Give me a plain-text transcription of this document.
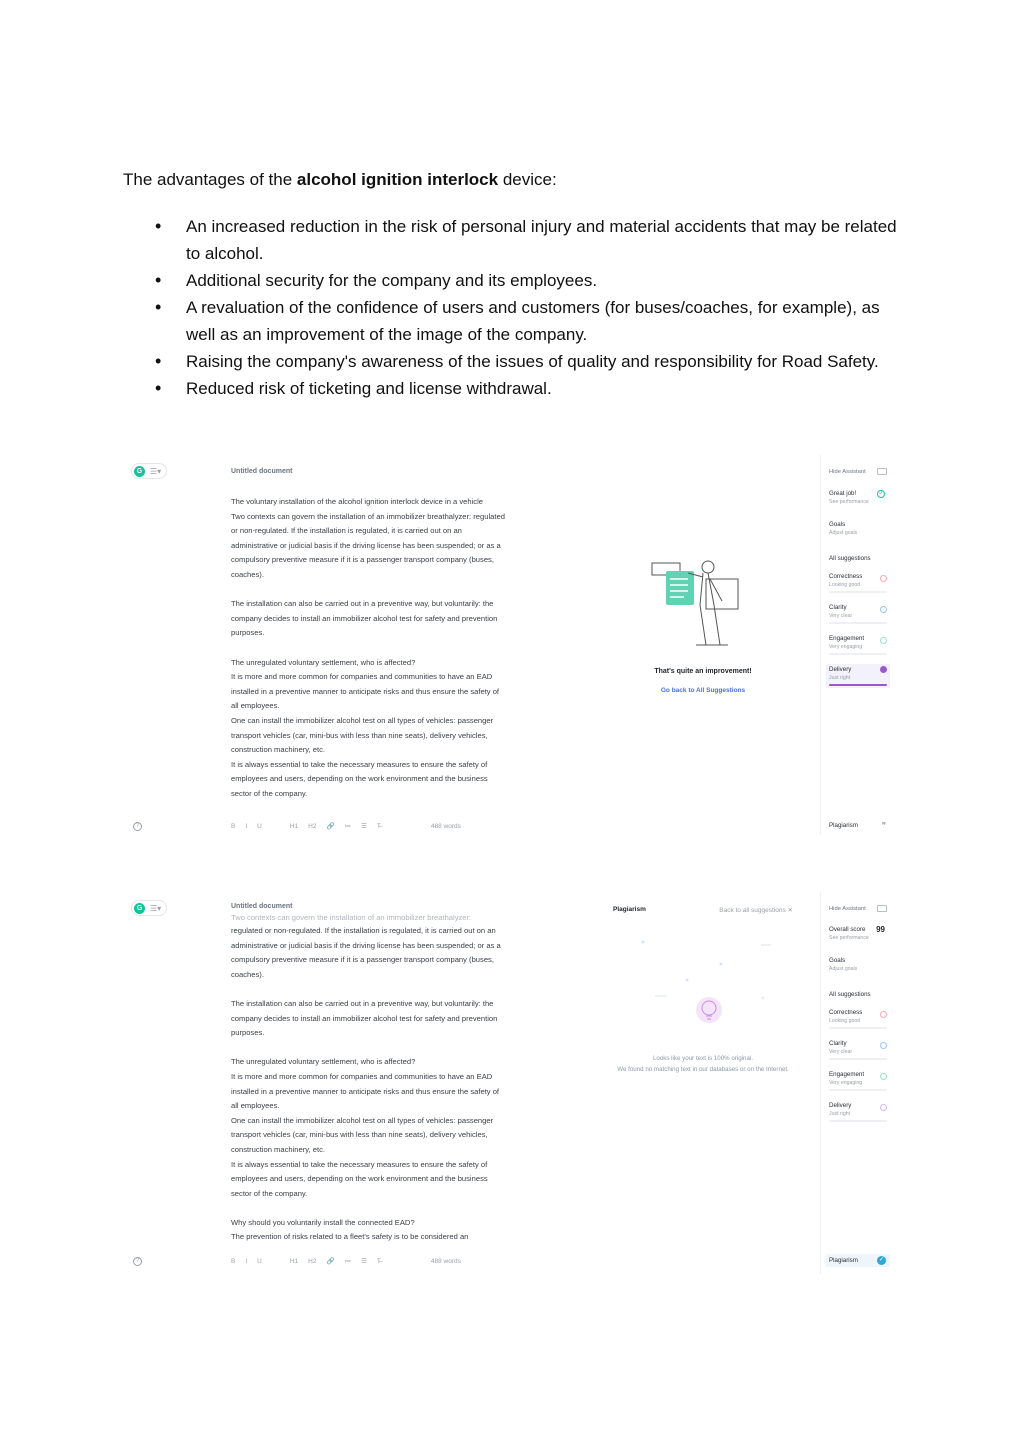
The advantages of the alcohol ignition interlock device:

• An increased reduction in the risk of personal injury and material accidents that may be related to alcohol.
• Additional security for the company and its employees.
• A revaluation of the confidence of users and customers (for buses/coaches, for example), as well as an improvement of the image of the company.
• Raising the company's awareness of the issues of quality and responsibility for Road Safety.
• Reduced risk of ticketing and license withdrawal.
G ☰▾	Untitled document
The voluntary installation of the alcohol ignition interlock device in a vehicle
Two contexts can govern the installation of an immobilizer breathalyzer: regulated or non-regulated. If the installation is regulated, it is carried out on an administrative or judicial basis if the driving license has been suspended; or as a compulsory preventive measure if it is a passenger transport company (buses, coaches).
The installation can also be carried out in a preventive way, but voluntarily: the company decides to install an immobilizer alcohol test for safety and prevention purposes.
The unregulated voluntary settlement, who is affected?
It is more and more common for companies and communities to have an EAD installed in a preventive manner to anticipate risks and thus ensure the safety of all employees.
One can install the immobilizer alcohol test on all types of vehicles: passenger transport vehicles (car, mini-bus with less than nine seats), delivery vehicles, construction machinery, etc.
It is always essential to take the necessary measures to ensure the safety of employees and users, depending on the work environment and the business sector of the company.
?	B I U	H1 H2 🔗 ≔ ☰ T̶	488 words
That's quite an improvement!
Go back to All Suggestions
Hide Assistant
Great job!
See performance
✓
Goals
Adjust goals
All suggestions
Correctness
Looking good
Clarity
Very clear
Engagement
Very engaging
Delivery
Just right
Plagiarism	❞
G ☰▾	Untitled document
Two contexts can govern the installation of an immobilizer breathalyzer:
regulated or non-regulated. If the installation is regulated, it is carried out on an administrative or judicial basis if the driving license has been suspended; or as a compulsory preventive measure if it is a passenger transport company (buses, coaches).
The installation can also be carried out in a preventive way, but voluntarily: the company decides to install an immobilizer alcohol test for safety and prevention purposes.
The unregulated voluntary settlement, who is affected?
It is more and more common for companies and communities to have an EAD installed in a preventive manner to anticipate risks and thus ensure the safety of all employees.
One can install the immobilizer alcohol test on all types of vehicles: passenger transport vehicles (car, mini-bus with less than nine seats), delivery vehicles, construction machinery, etc.
It is always essential to take the necessary measures to ensure the safety of employees and users, depending on the work environment and the business sector of the company.
Why should you voluntarily install the connected EAD?
The prevention of risks related to a fleet's safety is to be considered an
?	B I U	H1 H2 🔗 ≔ ☰ T̶	488 words
Plagiarism	Back to all suggestions ✕
Looks like your text is 100% original.
We found no matching text in our databases or on the Internet.
Hide Assistant
Overall score
See performance
99
Goals
Adjust goals
All suggestions
Correctness
Looking good
Clarity
Very clear
Engagement
Very engaging
Delivery
Just right
Plagiarism	✓
